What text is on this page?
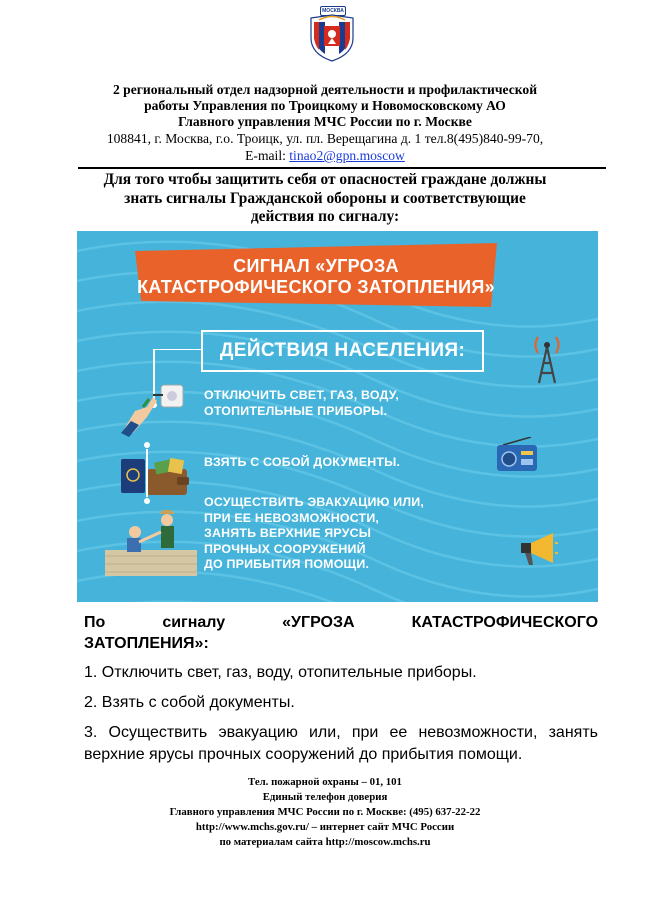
МОСКВА
2 региональный отдел надзорной деятельности и профилактической
работы Управления по Троицкому и Новомосковскому АО
Главного управления МЧС России по г. Москве
108841, г. Москва, г.о. Троицк, ул. пл. Верещагина д. 1 тел.8(495)840-99-70,
E-mail: tinao2@gpn.moscow
Для того чтобы защитить себя от опасностей граждане должны
знать сигналы Гражданской обороны и соответствующие
действия по сигналу:
СИГНАЛ «УГРОЗА
КАТАСТРОФИЧЕСКОГО ЗАТОПЛЕНИЯ»
ДЕЙСТВИЯ НАСЕЛЕНИЯ:
ОТКЛЮЧИТЬ СВЕТ, ГАЗ, ВОДУ,
ОТОПИТЕЛЬНЫЕ ПРИБОРЫ.
ВЗЯТЬ С СОБОЙ ДОКУМЕНТЫ.
ОСУЩЕСТВИТЬ ЭВАКУАЦИЮ ИЛИ,
ПРИ ЕЕ НЕВОЗМОЖНОСТИ,
ЗАНЯТЬ ВЕРХНИЕ ЯРУСЫ
ПРОЧНЫХ СООРУЖЕНИЙ
ДО ПРИБЫТИЯ ПОМОЩИ.
По	сигналу	«УГРОЗА	КАТАСТРОФИЧЕСКОГО
ЗАТОПЛЕНИЯ»:
1. Отключить свет, газ, воду, отопительные приборы.
2. Взять с собой документы.
3. Осуществить эвакуацию или, при ее невозможности, занять
верхние ярусы прочных сооружений до прибытия помощи.
Тел. пожарной охраны – 01, 101
Единый телефон доверия
Главного управления МЧС России по г. Москве: (495) 637-22-22
http://www.mchs.gov.ru/ – интернет сайт МЧС России
по материалам сайта http://moscow.mchs.ru
